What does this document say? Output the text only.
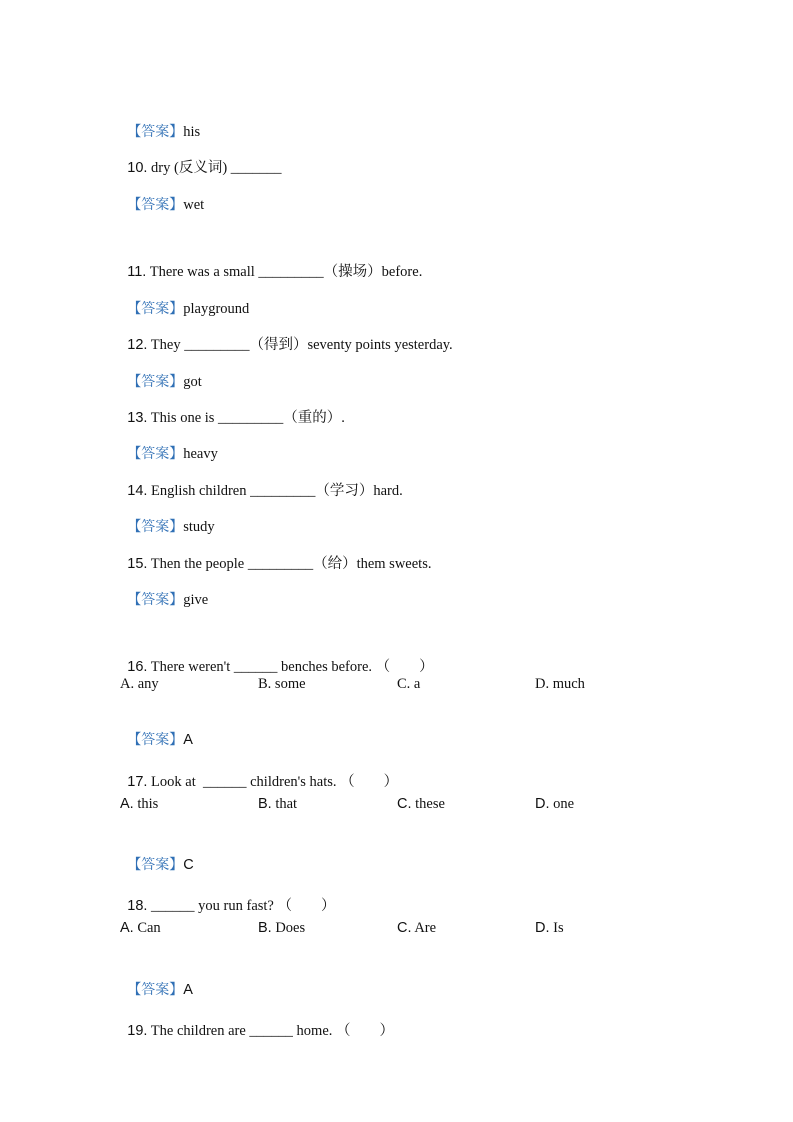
【答案】his

10. dry (反义词) _______

【答案】wet

11. There was a small _________（操场）before.

【答案】playground

12. They _________（得到）seventy points yesterday.

【答案】got

13. This one is _________（重的）.

【答案】heavy

14. English children _________（学习）hard.

【答案】study

15. Then the people _________（给）them sweets.

【答案】give

16. There weren't ______ benches before. （　　）

A. any	B. some	C. a	D. much

【答案】A

17. Look at  ______ children's hats. （　　）

A. this	B. that	C. these	D. one

【答案】C

18. ______ you run fast? （　　）

A. Can	B. Does	C. Are	D. Is

【答案】A

19. The children are ______ home. （　　）
